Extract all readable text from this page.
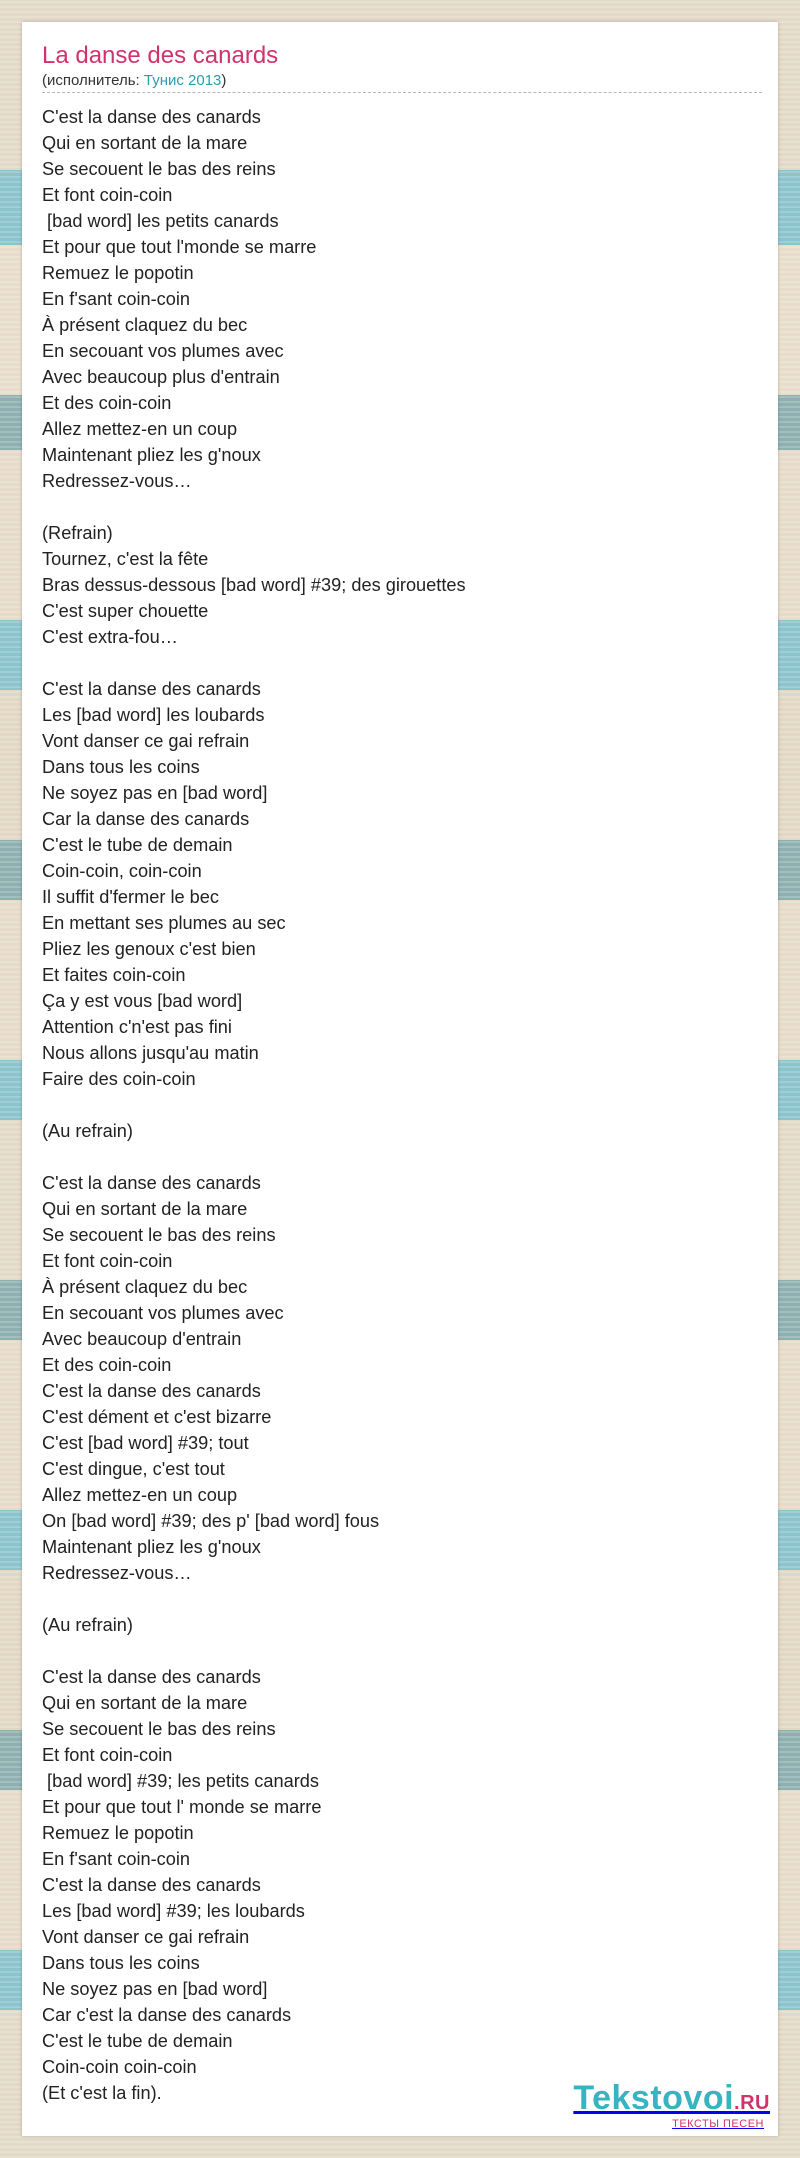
La danse des canards
(исполнитель: Тунис 2013)
C'est la danse des canards
Qui en sortant de la mare
Se secouent le bas des reins
Et font coin-coin
[bad word] les petits canards
Et pour que tout l'monde se marre
Remuez le popotin
En f'sant coin-coin
À présent claquez du bec
En secouant vos plumes avec
Avec beaucoup plus d'entrain
Et des coin-coin
Allez mettez-en un coup
Maintenant pliez les g'noux
Redressez-vous…
(Refrain)
Tournez, c'est la fête
Bras dessus-dessous [bad word] #39; des girouettes
C'est super chouette
C'est extra-fou…
C'est la danse des canards
Les [bad word] les loubards
Vont danser ce gai refrain
Dans tous les coins
Ne soyez pas en [bad word]
Car la danse des canards
C'est le tube de demain
Coin-coin, coin-coin
Il suffit d'fermer le bec
En mettant ses plumes au sec
Pliez les genoux c'est bien
Et faites coin-coin
Ça y est vous [bad word]
Attention c'n'est pas fini
Nous allons jusqu'au matin
Faire des coin-coin
(Au refrain)
C'est la danse des canards
Qui en sortant de la mare
Se secouent le bas des reins
Et font coin-coin
À présent claquez du bec
En secouant vos plumes avec
Avec beaucoup d'entrain
Et des coin-coin
C'est la danse des canards
C'est dément et c'est bizarre
C'est [bad word] #39; tout
C'est dingue, c'est tout
Allez mettez-en un coup
On [bad word] #39; des p' [bad word] fous
Maintenant pliez les g'noux
Redressez-vous…
(Au refrain)
C'est la danse des canards
Qui en sortant de la mare
Se secouent le bas des reins
Et font coin-coin
[bad word] #39; les petits canards
Et pour que tout l' monde se marre
Remuez le popotin
En f'sant coin-coin
C'est la danse des canards
Les [bad word] #39; les loubards
Vont danser ce gai refrain
Dans tous les coins
Ne soyez pas en [bad word]
Car c'est la danse des canards
C'est le tube de demain
Coin-coin coin-coin
(Et c'est la fin).	Tekstovoi.RU
ТЕКСТЫ ПЕСЕН
